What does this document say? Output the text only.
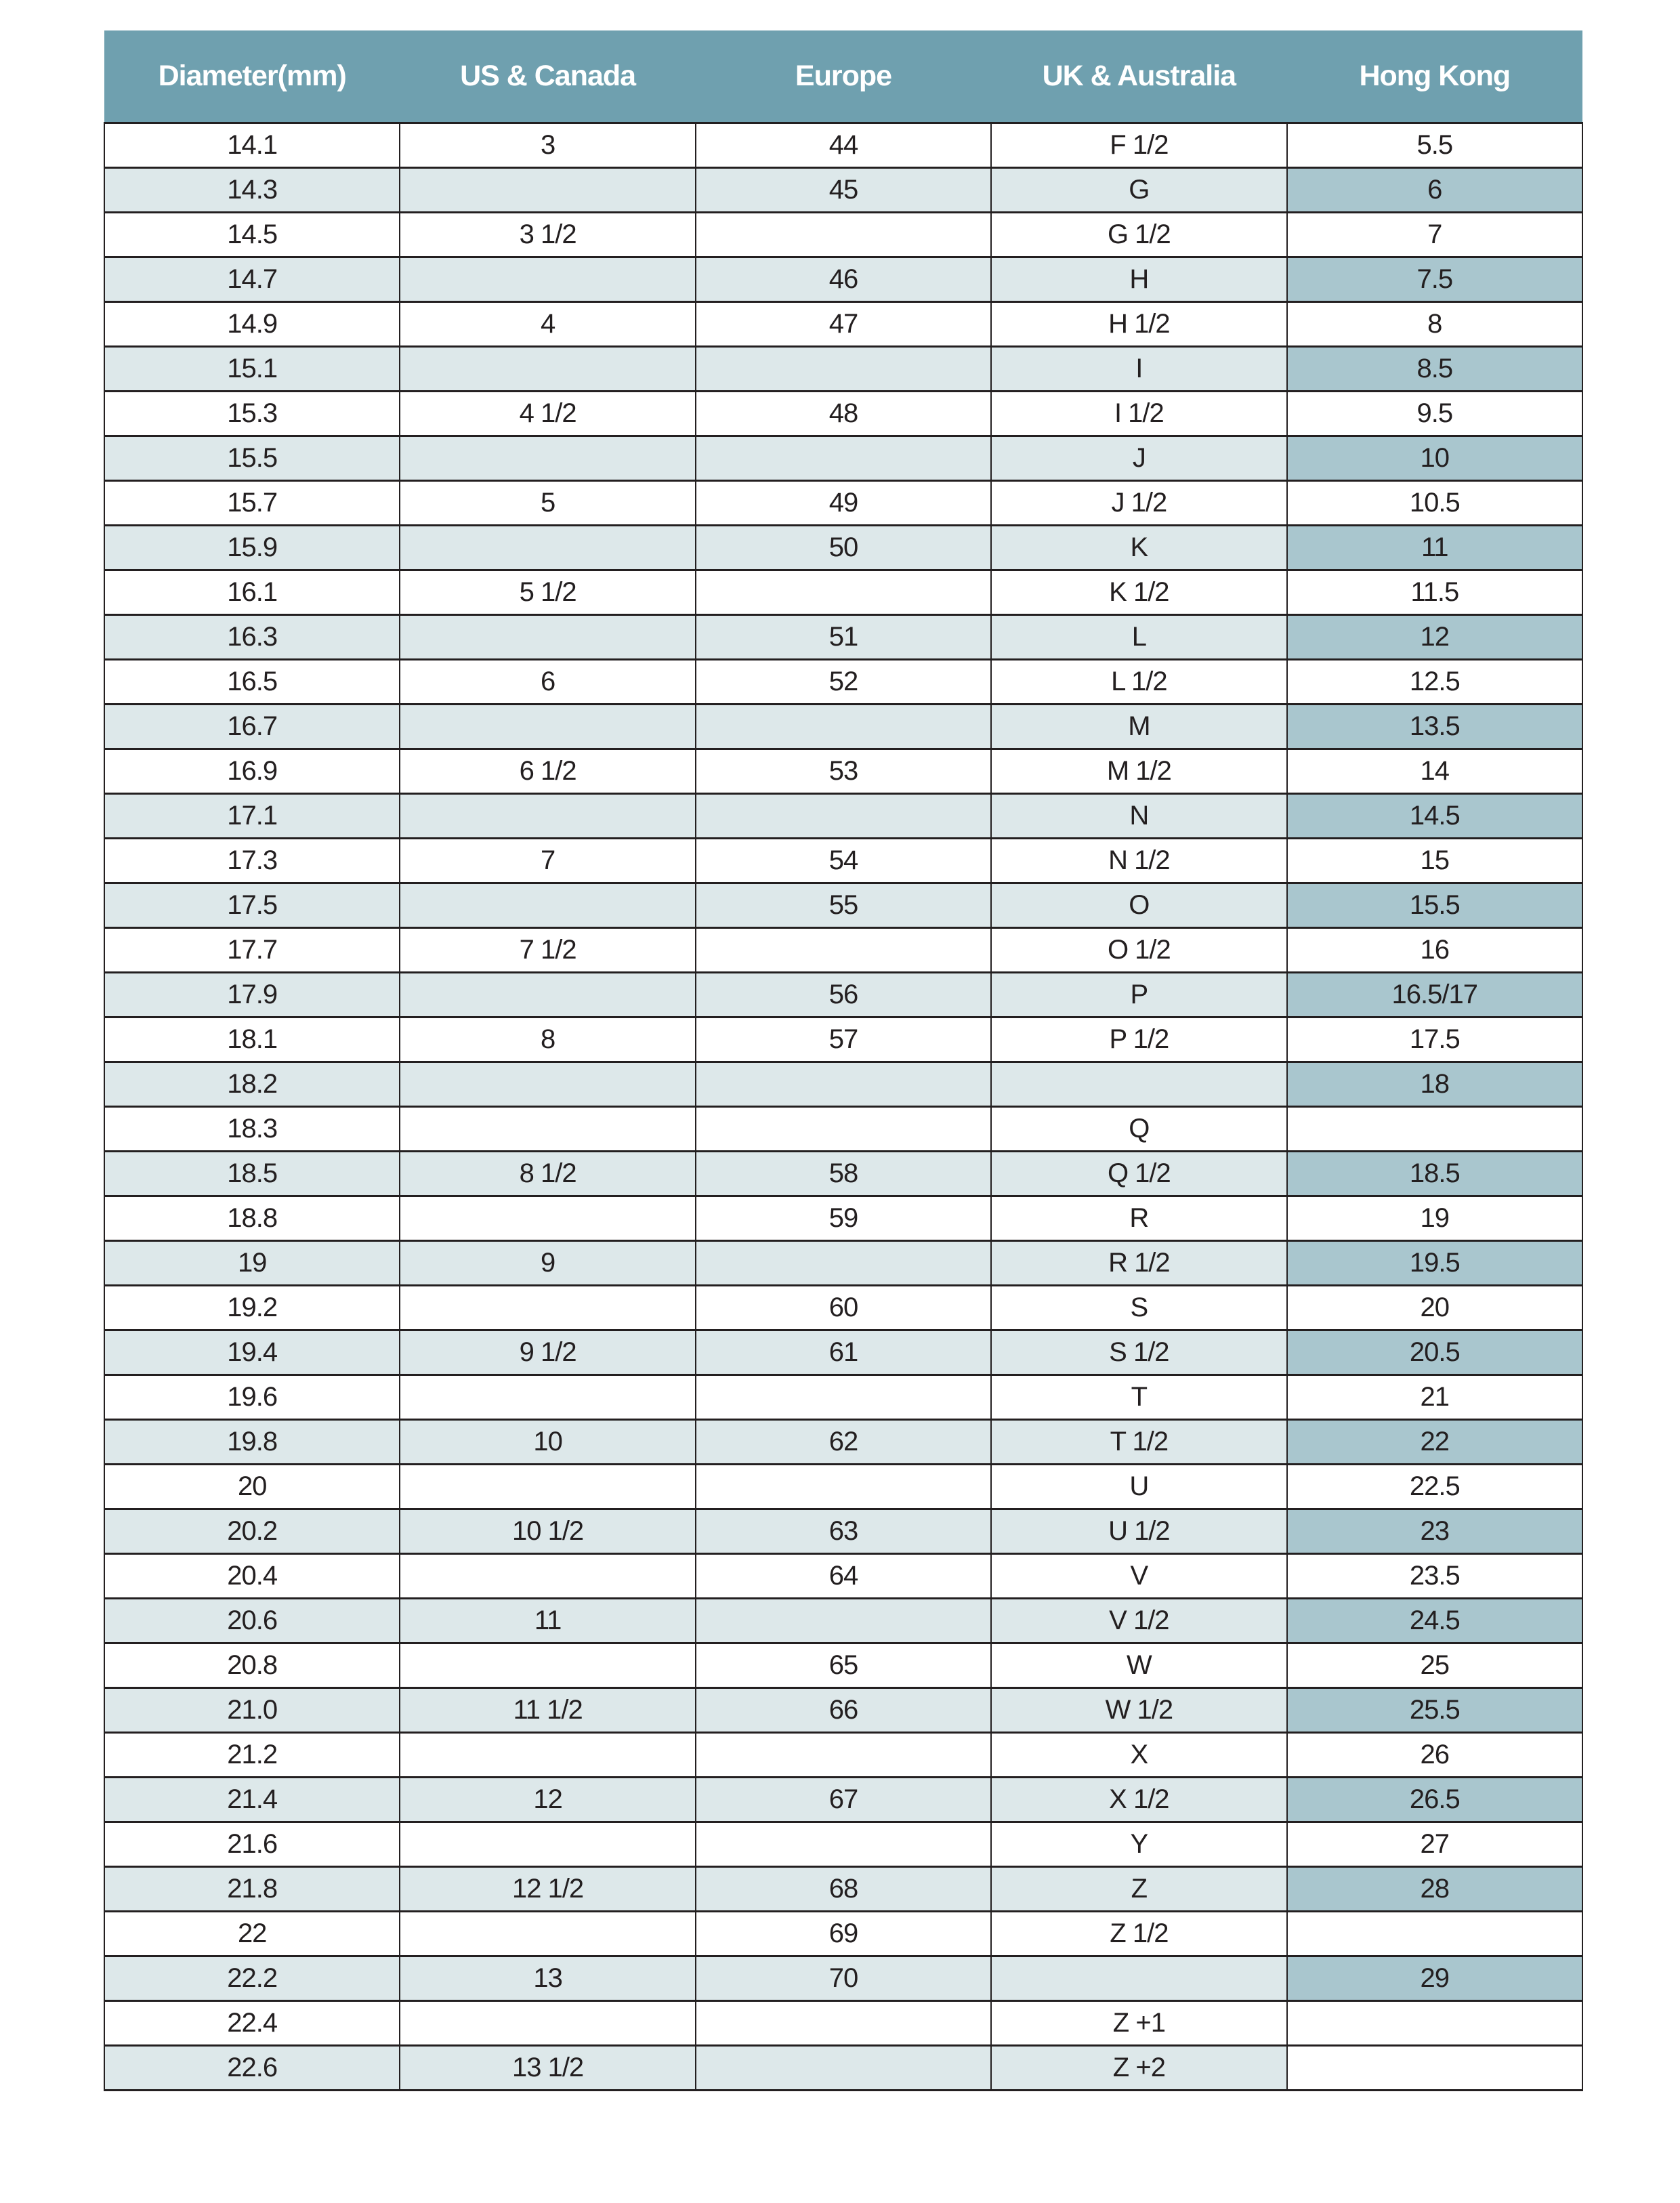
Diameter(mm)	US & Canada	Europe	UK & Australia	Hong Kong
14.1	3	44	F 1/2	5.5
14.3		45	G	6
14.5	3 1/2		G 1/2	7
14.7		46	H	7.5
14.9	4	47	H 1/2	8
15.1			I	8.5
15.3	4 1/2	48	I 1/2	9.5
15.5			J	10
15.7	5	49	J 1/2	10.5
15.9		50	K	11
16.1	5 1/2		K 1/2	11.5
16.3		51	L	12
16.5	6	52	L 1/2	12.5
16.7			M	13.5
16.9	6 1/2	53	M 1/2	14
17.1			N	14.5
17.3	7	54	N 1/2	15
17.5		55	O	15.5
17.7	7 1/2		O 1/2	16
17.9		56	P	16.5/17
18.1	8	57	P 1/2	17.5
18.2				18
18.3			Q	
18.5	8 1/2	58	Q 1/2	18.5
18.8		59	R	19
19	9		R 1/2	19.5
19.2		60	S	20
19.4	9 1/2	61	S 1/2	20.5
19.6			T	21
19.8	10	62	T 1/2	22
20			U	22.5
20.2	10 1/2	63	U 1/2	23
20.4		64	V	23.5
20.6	11		V 1/2	24.5
20.8		65	W	25
21.0	11 1/2	66	W 1/2	25.5
21.2			X	26
21.4	12	67	X 1/2	26.5
21.6			Y	27
21.8	12 1/2	68	Z	28
22		69	Z 1/2	
22.2	13	70		29
22.4			Z +1	
22.6	13 1/2		Z +2	
